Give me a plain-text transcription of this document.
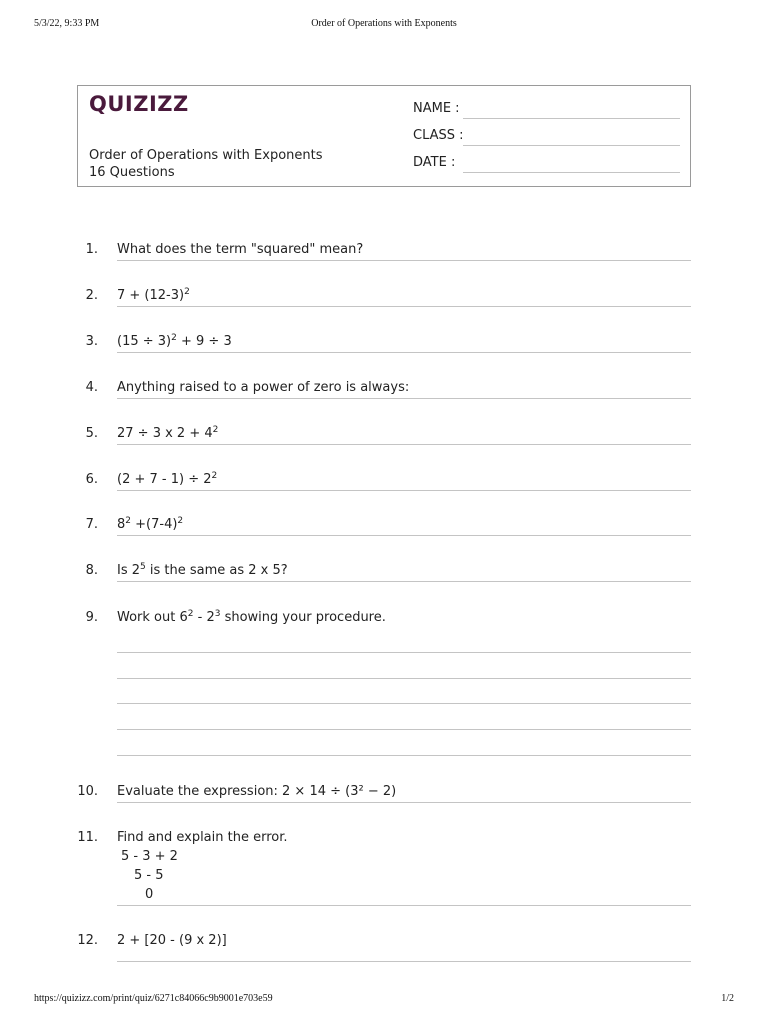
5/3/22, 9:33 PM	Order of Operations with Exponents
QUIZIZZ
Order of Operations with Exponents
16 Questions
NAME :
CLASS :
DATE :
1. What does the term "squared" mean?
2. $7 + (12-3)^2$
3. $(15 \div 3)^2 + 9 \div 3$
4. Anything raised to a power of zero is always:
5. 27 ÷ 3 x $2 + 4^2$
6. $(2 + 7 - 1) \div 2^2$
7. $8^2 +(7-4)^2$
8. Is $2^5$ is the same as 2 x 5?
9. Work out $6^2 - 2^3$ showing your procedure.
10. Evaluate the expression: 2 × 14 ÷ (3² − 2)
11. Find and explain the error.
5 - 3 + 2
5 - 5
0
12. 2 + [20 - (9 x 2)]
https://quizizz.com/print/quiz/6271c84066c9b9001e703e59	1/2
